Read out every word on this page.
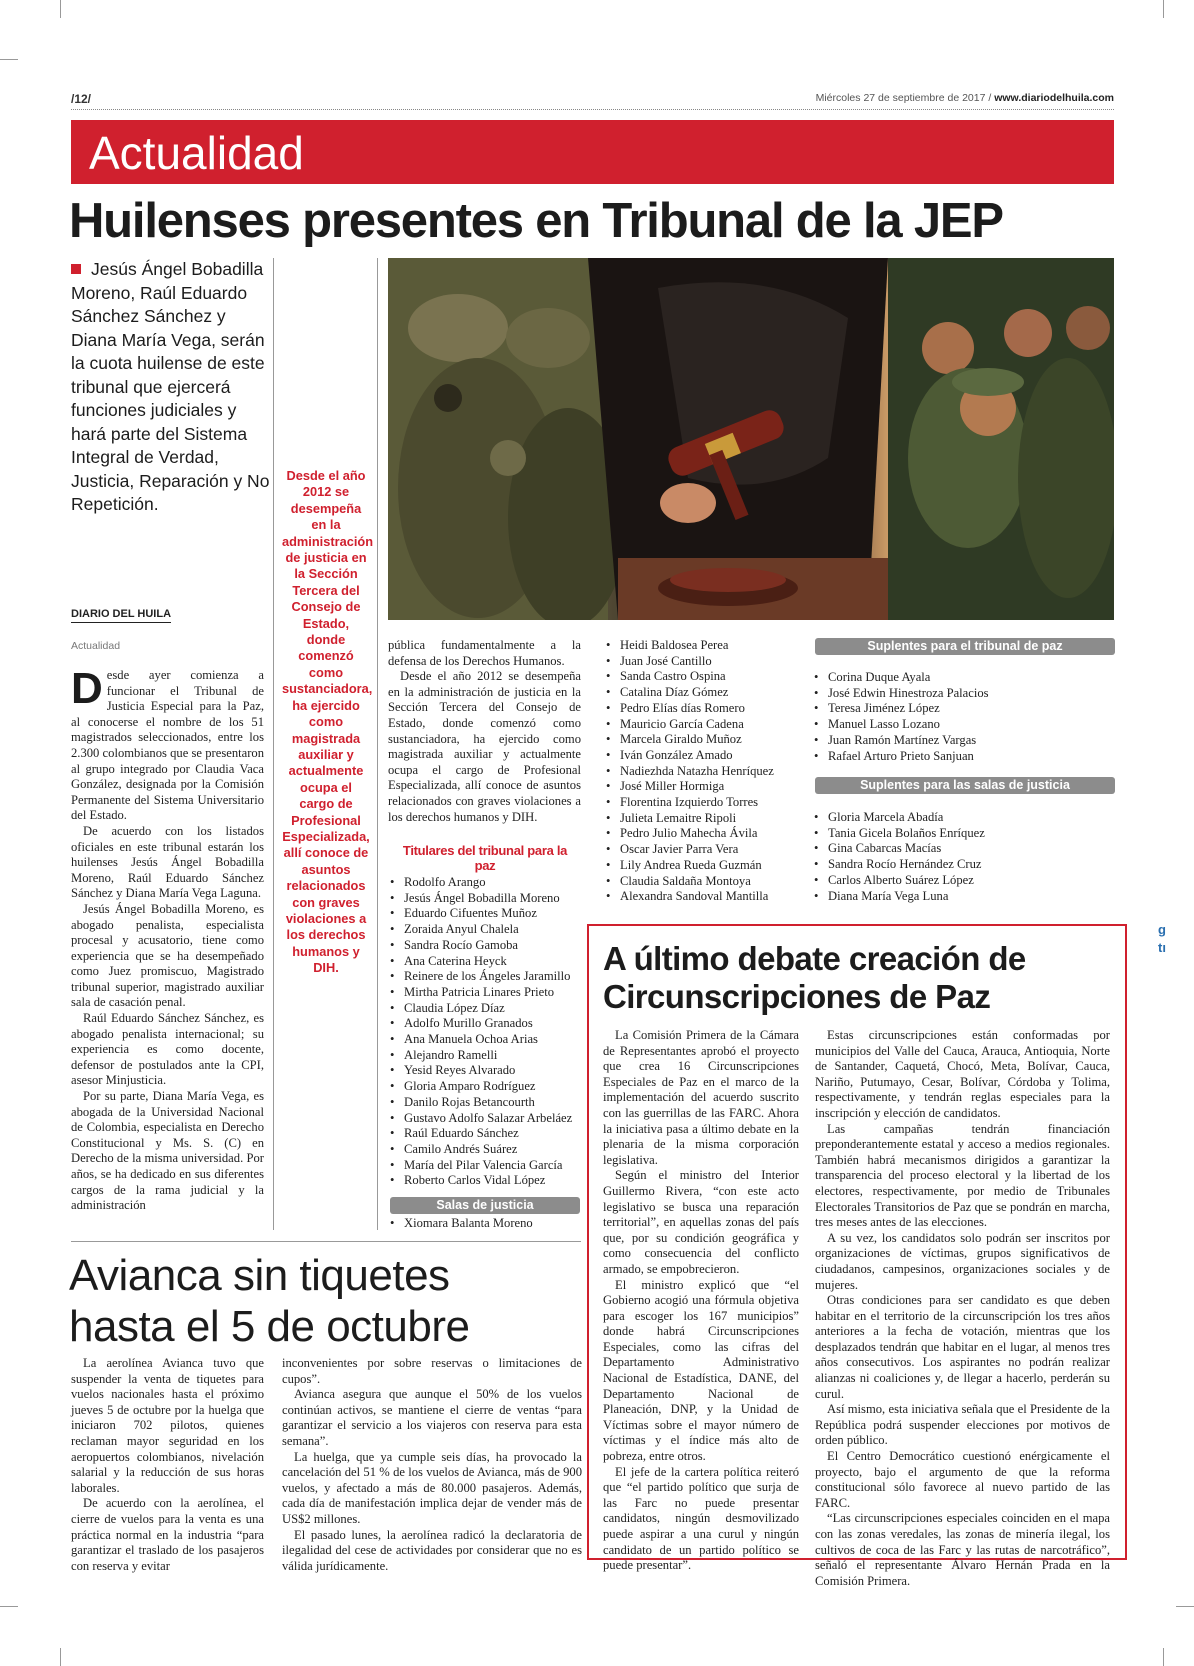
/12/	Miércoles 27 de septiembre de 2017 / www.diariodelhuila.com
Actualidad
Huilenses presentes en Tribunal de la JEP
Jesús Ángel Bobadilla Moreno, Raúl Eduardo Sánchez Sánchez y Diana María Vega, serán la cuota huilense de este tribunal que ejercerá funciones judiciales y hará parte del Sistema Integral de Verdad, Justicia, Reparación y No Repetición.
DIARIO DEL HUILA
Actualidad
D esde ayer comienza a funcionar el Tribunal de Justicia Especial para la Paz, al conocerse el nombre de los 51 magistrados seleccionados, entre los 2.300 colombianos que se presentaron al grupo integrado por Claudia Vaca González, designada por la Comisión Permanente del Sistema Universitario del Estado.

De acuerdo con los listados oficiales en este tribunal estarán los huilenses Jesús Ángel Bobadilla Moreno, Raúl Eduardo Sánchez Sánchez y Diana María Vega Laguna.

Jesús Ángel Bobadilla Moreno, es abogado penalista, especialista procesal y acusatorio, tiene como experiencia que se ha desempeñado como Juez promiscuo, Magistrado tribunal superior, magistrado auxiliar sala de casación penal.

Raúl Eduardo Sánchez Sánchez, es abogado penalista internacional; su experiencia es como docente, defensor de postulados ante la CPI, asesor Minjusticia.

Por su parte, Diana María Vega, es abogada de la Universidad Nacional de Colombia, especialista en Derecho Constitucional y Ms. S. (C) en Derecho de la misma universidad. Por años, se ha dedicado en sus diferentes cargos de la rama judicial y la administración

Desde el año 2012 se desempeña en la administración de justicia en la Sección Tercera del Consejo de Estado, donde comenzó como sustanciadora, ha ejercido como magistrada auxiliar y actualmente ocupa el cargo de Profesional Especializada, allí conoce de asuntos relacionados con graves violaciones a los derechos humanos y DIH.

pública fundamentalmente a la defensa de los Derechos Humanos.

Desde el año 2012 se desempeña en la administración de justicia en la Sección Tercera del Consejo de Estado, donde comenzó como sustanciadora, ha ejercido como magistrada auxiliar y actualmente ocupa el cargo de Profesional Especializada, allí conoce de asuntos relacionados con graves violaciones a los derechos humanos y DIH.

Titulares del tribunal para la paz
• Rodolfo Arango
• Jesús Ángel Bobadilla Moreno
• Eduardo Cifuentes Muñoz
• Zoraida Anyul Chalela
• Sandra Rocío Gamoba
• Ana Caterina Heyck
• Reinere de los Ángeles Jaramillo
• Mirtha Patricia Linares Prieto
• Claudia López Díaz
• Adolfo Murillo Granados
• Ana Manuela Ochoa Arias
• Alejandro Ramelli
• Yesid Reyes Alvarado
• Gloria Amparo Rodríguez
• Danilo Rojas Betancourth
• Gustavo Adolfo Salazar Arbeláez
• Raúl Eduardo Sánchez
• Camilo Andrés Suárez
• María del Pilar Valencia García
• Roberto Carlos Vidal López
Salas de justicia
• Xiomara Balanta Moreno
• Heidi Baldosea Perea
• Juan José Cantillo
• Sanda Castro Ospina
• Catalina Díaz Gómez
• Pedro Elías días Romero
• Mauricio García Cadena
• Marcela Giraldo Muñoz
• Iván González Amado
• Nadiezhda Natazha Henríquez
• José Miller Hormiga
• Florentina Izquierdo Torres
• Julieta Lemaitre Ripoli
• Pedro Julio Mahecha Ávila
• Oscar Javier Parra Vera
• Lily Andrea Rueda Guzmán
• Claudia Saldaña Montoya
• Alexandra Sandoval Mantilla
Suplentes para el tribunal de paz
• Corina Duque Ayala
• José Edwin Hinestroza Palacios
• Teresa Jiménez López
• Manuel Lasso Lozano
• Juan Ramón Martínez Vargas
• Rafael Arturo Prieto Sanjuan
Suplentes para las salas de justicia
• Gloria Marcela Abadía
• Tania Gicela Bolaños Enríquez
• Gina Cabarcas Macías
• Sandra Rocío Hernández Cruz
• Carlos Alberto Suárez López
• Diana María Vega Luna
Avianca sin tiquetes
hasta el 5 de octubre

La aerolínea Avianca tuvo que suspender la venta de tiquetes para vuelos nacionales hasta el próximo jueves 5 de octubre por la huelga que iniciaron 702 pilotos, quienes reclaman mayor seguridad en los aeropuertos colombianos, nivelación salarial y la reducción de sus horas laborales.

De acuerdo con la aerolínea, el cierre de vuelos para la venta es una práctica normal en la industria “para garantizar el traslado de los pasajeros con reserva y evitar

inconvenientes por sobre reservas o limitaciones de cupos”.

Avianca asegura que aunque el 50% de los vuelos continúan activos, se mantiene el cierre de ventas “para garantizar el servicio a los viajeros con reserva para esta semana”.

La huelga, que ya cumple seis días, ha provocado la cancelación del 51 % de los vuelos de Avianca, más de 900 vuelos, y afectado a más de 80.000 pasajeros. Además, cada día de manifestación implica dejar de vender más de US$2 millones.

El pasado lunes, la aerolínea radicó la declaratoria de ilegalidad del cese de actividades por considerar que no es válida jurídicamente.

A último debate creación de
Circunscripciones de Paz

La Comisión Primera de la Cámara de Representantes aprobó el proyecto que crea 16 Circunscripciones Especiales de Paz en el marco de la implementación del acuerdo suscrito con las guerrillas de las FARC. Ahora la iniciativa pasa a último debate en la plenaria de la misma corporación legislativa.

Según el ministro del Interior Guillermo Rivera, “con este acto legislativo se busca una reparación territorial”, en aquellas zonas del país que, por su condición geográfica y como consecuencia del conflicto armado, se empobrecieron.

El ministro explicó que “el Gobierno acogió una fórmula objetiva para escoger los 167 municipios” donde habrá Circunscripciones Especiales, como las cifras del Departamento Administrativo Nacional de Estadística, DANE, del Departamento Nacional de Planeación, DNP, y la Unidad de Víctimas sobre el mayor número de víctimas y el índice más alto de pobreza, entre otros.

El jefe de la cartera política reiteró que “el partido político que surja de las Farc no puede presentar candidatos, ningún desmovilizado puede aspirar a una curul y ningún candidato de un partido político se puede presentar”.

Estas circunscripciones están conformadas por municipios del Valle del Cauca, Arauca, Antioquia, Norte de Santander, Caquetá, Chocó, Meta, Bolívar, Cauca, Nariño, Putumayo, Cesar, Bolívar, Córdoba y Tolima, respectivamente, y tendrán reglas especiales para la inscripción y elección de candidatos.

Las campañas tendrán financiación preponderantemente estatal y acceso a medios regionales. También habrá mecanismos dirigidos a garantizar la transparencia del proceso electoral y la libertad de los electores, respectivamente, por medio de Tribunales Electorales Transitorios de Paz que se pondrán en marcha, tres meses antes de las elecciones.

A su vez, los candidatos solo podrán ser inscritos por organizaciones de víctimas, grupos significativos de ciudadanos, campesinos, organizaciones sociales y de mujeres.

Otras condiciones para ser candidato es que deben habitar en el territorio de la circunscripción los tres años anteriores a la fecha de votación, mientras que los desplazados tendrán que habitar en el lugar, al menos tres años consecutivos. Los aspirantes no podrán realizar alianzas ni coaliciones y, de llegar a hacerlo, perderán su curul.

Así mismo, esta iniciativa señala que el Presidente de la República podrá suspender elecciones por motivos de orden público.

El Centro Democrático cuestionó enérgicamente el proyecto, bajo el argumento de que la reforma constitucional sólo favorece al nuevo partido de las FARC.

“Las circunscripciones especiales coinciden en el mapa con las zonas veredales, las zonas de minería ilegal, los cultivos de coca de las Farc y las rutas de narcotráfico”, señaló el representante Álvaro Hernán Prada en la Comisión Primera.

g
tı
